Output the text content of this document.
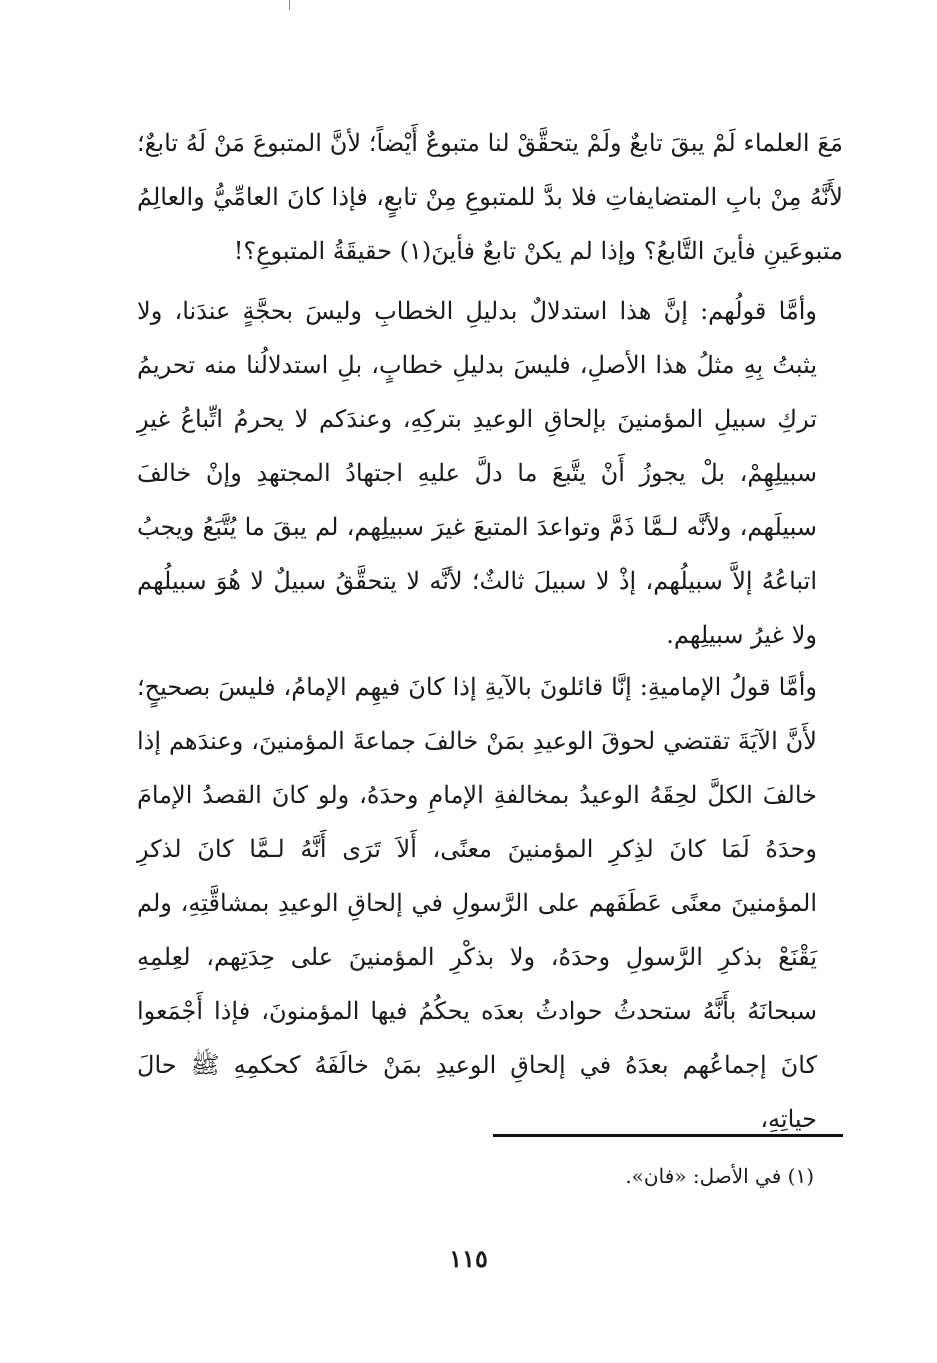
مَعَ العلماء لَمْ يبقَ تابعٌ ولَمْ يتحقَّقْ لنا متبوعٌ أَيْضاً؛ لأنَّ المتبوعَ مَنْ لَهُ تابعٌ؛ لأَنَّهُ مِنْ بابِ المتضايفاتِ فلا بدَّ للمتبوعِ مِنْ تابعٍ، فإذا كانَ العامِّيُّ والعالِمُ متبوعَينِ فأينَ التَّابعُ؟ وإذا لم يكنْ تابعٌ فأينَ(١) حقيقَةُ المتبوعِ؟!

وأمَّا قولُهم: إنَّ هذا استدلالٌ بدليلِ الخطابِ وليسَ بحجَّةٍ عندَنا، ولا يثبتُ بِهِ مثلُ هذا الأصلِ، فليسَ بدليلِ خطابٍ، بلِ استدلالُنا منه تحريمُ تركِ سبيلِ المؤمنينَ بإلحاقِ الوعيدِ بتركِهِ، وعندَكم لا يحرمُ اتِّباعُ غيرِ سبيلِهِمْ، بلْ يجوزُ أَنْ يتَّبعَ ما دلَّ عليهِ اجتهادُ المجتهدِ وإنْ خالفَ سبيلَهم، ولأنَّه لـمَّا ذَمَّ وتواعدَ المتبعَ غيرَ سبيلِهم، لم يبقَ ما يُتَّبَعُ ويجبُ اتباعُهُ إلاَّ سبيلُهم، إذْ لا سبيلَ ثالثٌ؛ لأنَّه لا يتحقَّقُ سبيلٌ لا هُوَ سبيلُهم ولا غيرُ سبيلِهم.

وأمَّا قولُ الإماميةِ: إنَّا قائلونَ بالآيةِ إذا كانَ فيهِم الإمامُ، فليسَ بصحيحٍ؛ لأَنَّ الآيَةَ تقتضي لحوقَ الوعيدِ بمَنْ خالفَ جماعةَ المؤمنينَ، وعندَهم إذا خالفَ الكلَّ لحِقَهُ الوعيدُ بمخالفةِ الإمامِ وحدَهُ، ولو كانَ القصدُ الإمامَ وحدَهُ لَمَا كانَ لذِكرِ المؤمنينَ معنًى، أَلاَ تَرَى أَنَّهُ لـمَّا كانَ لذكرِ المؤمنينَ معنًى عَطَفَهم على الرَّسولِ في إلحاقِ الوعيدِ بمشاقَّتِهِ، ولم يَقْنَعْ بذكرِ الرَّسولِ وحدَهُ، ولا بذكْرِ المؤمنينَ على حِدَتِهم، لعِلمِهِ سبحانَهُ بأَنَّهُ ستحدثُ حوادثُ بعدَه يحكُمُ فيها المؤمنونَ، فإذا أَجْمَعوا كانَ إجماعُهم بعدَهُ في إلحاقِ الوعيدِ بمَنْ خالَفَهُ كحكمِهِ ﷺ حالَ حياتِهِ،

(١) في الأصل: «فان».
١١٥
